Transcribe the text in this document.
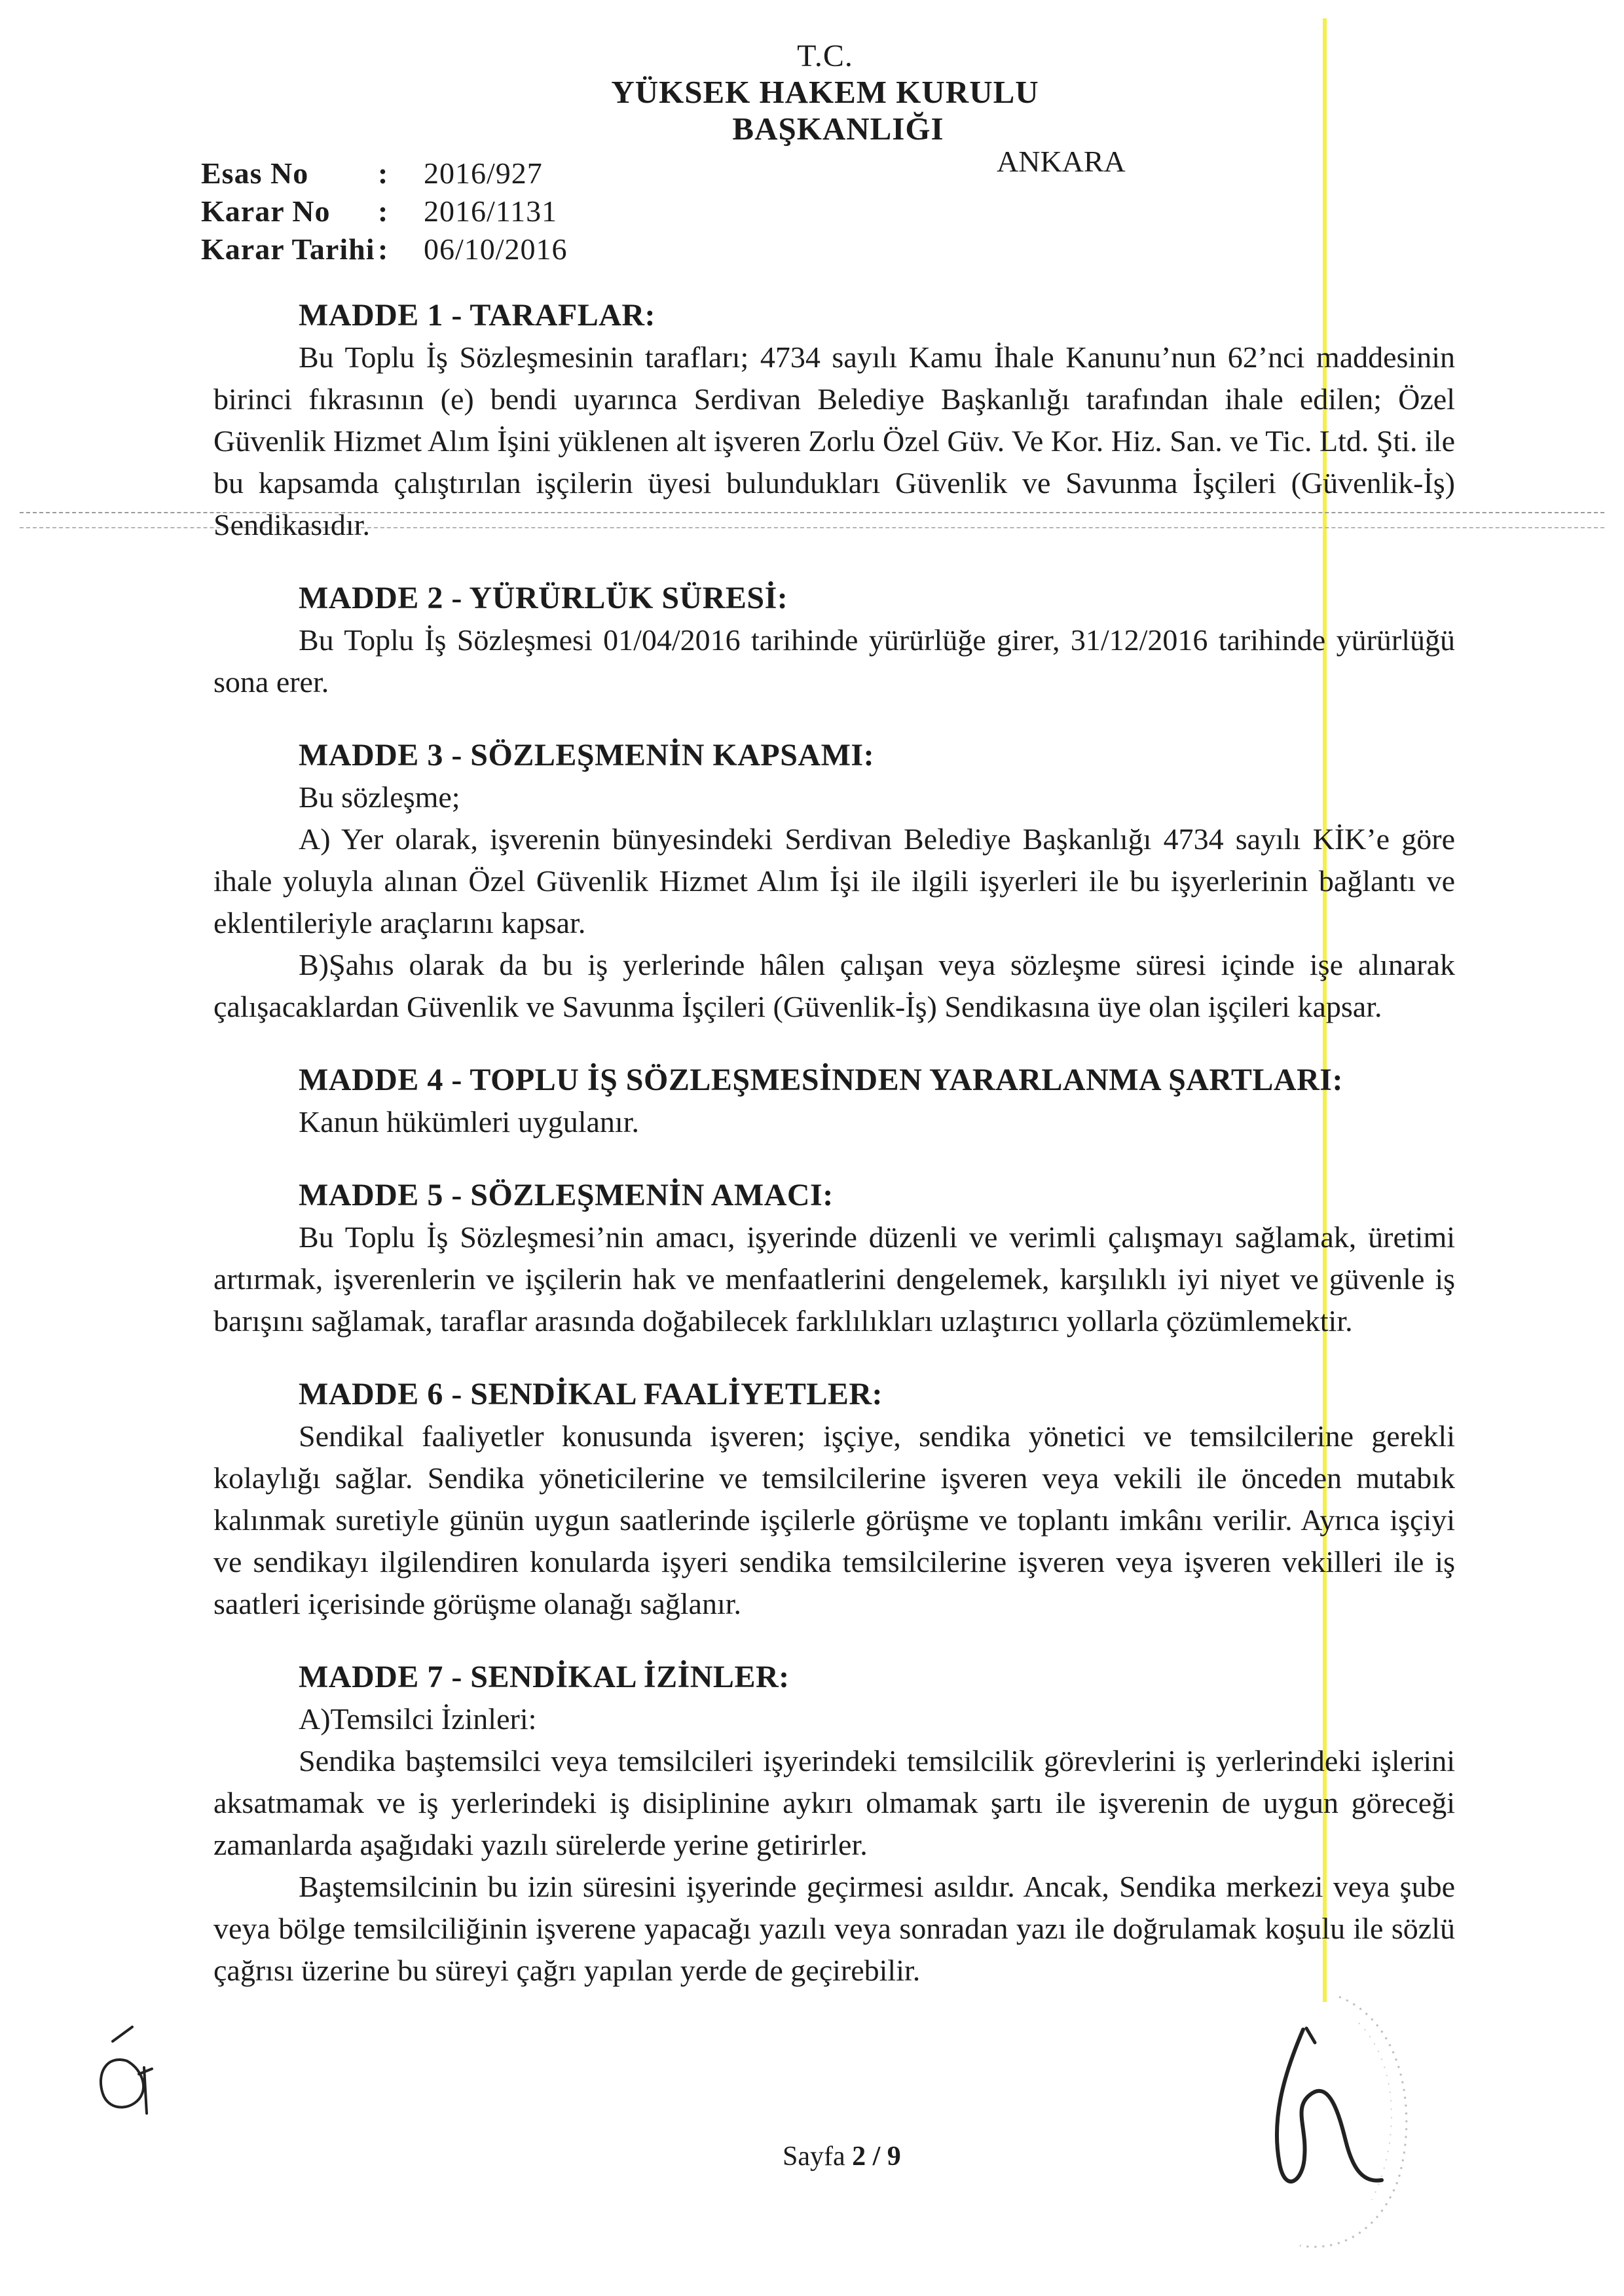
T.C.
YÜKSEK HAKEM KURULU
BAŞKANLIĞI
ANKARA
Esas No	:	2016/927
Karar No	:	2016/1131
Karar Tarihi :	06/10/2016
MADDE 1 - TARAFLAR:

Bu Toplu İş Sözleşmesinin tarafları; 4734 sayılı Kamu İhale Kanunu’nun 62’nci maddesinin birinci fıkrasının (e) bendi uyarınca Serdivan Belediye Başkanlığı tarafından ihale edilen; Özel Güvenlik Hizmet Alım İşini yüklenen alt işveren Zorlu Özel Güv. Ve Kor. Hiz. San. ve Tic. Ltd. Şti. ile bu kapsamda çalıştırılan işçilerin üyesi bulundukları Güvenlik ve Savunma İşçileri (Güvenlik-İş) Sendikasıdır.

MADDE 2 - YÜRÜRLÜK SÜRESİ:

Bu Toplu İş Sözleşmesi 01/04/2016 tarihinde yürürlüğe girer, 31/12/2016 tarihinde yürürlüğü sona erer.

MADDE 3 - SÖZLEŞMENİN KAPSAMI:

Bu sözleşme;

A) Yer olarak, işverenin bünyesindeki Serdivan Belediye Başkanlığı 4734 sayılı KİK’e göre ihale yoluyla alınan Özel Güvenlik Hizmet Alım İşi ile ilgili işyerleri ile bu işyerlerinin bağlantı ve eklentileriyle araçlarını kapsar.

B)Şahıs olarak da bu iş yerlerinde hâlen çalışan veya sözleşme süresi içinde işe alınarak çalışacaklardan Güvenlik ve Savunma İşçileri (Güvenlik-İş) Sendikasına üye olan işçileri kapsar.

MADDE 4 - TOPLU İŞ SÖZLEŞMESİNDEN YARARLANMA ŞARTLARI:

Kanun hükümleri uygulanır.

MADDE 5 - SÖZLEŞMENİN AMACI:

Bu Toplu İş Sözleşmesi’nin amacı, işyerinde düzenli ve verimli çalışmayı sağlamak, üretimi artırmak, işverenlerin ve işçilerin hak ve menfaatlerini dengelemek, karşılıklı iyi niyet ve güvenle iş barışını sağlamak, taraflar arasında doğabilecek farklılıkları uzlaştırıcı yollarla çözümlemektir.

MADDE 6 - SENDİKAL FAALİYETLER:

Sendikal faaliyetler konusunda işveren; işçiye, sendika yönetici ve temsilcilerine gerekli kolaylığı sağlar. Sendika yöneticilerine ve temsilcilerine işveren veya vekili ile önceden mutabık kalınmak suretiyle günün uygun saatlerinde işçilerle görüşme ve toplantı imkânı verilir. Ayrıca işçiyi ve sendikayı ilgilendiren konularda işyeri sendika temsilcilerine işveren veya işveren vekilleri ile iş saatleri içerisinde görüşme olanağı sağlanır.

MADDE 7 - SENDİKAL İZİNLER:

A)Temsilci İzinleri:

Sendika baştemsilci veya temsilcileri işyerindeki temsilcilik görevlerini iş yerlerindeki işlerini aksatmamak ve iş yerlerindeki iş disiplinine aykırı olmamak şartı ile işverenin de uygun göreceği zamanlarda aşağıdaki yazılı sürelerde yerine getirirler.

Baştemsilcinin bu izin süresini işyerinde geçirmesi asıldır. Ancak, Sendika merkezi veya şube veya bölge temsilciliğinin işverene yapacağı yazılı veya sonradan yazı ile doğrulamak koşulu ile sözlü çağrısı üzerine bu süreyi çağrı yapılan yerde de geçirebilir.

Sayfa 2 / 9
